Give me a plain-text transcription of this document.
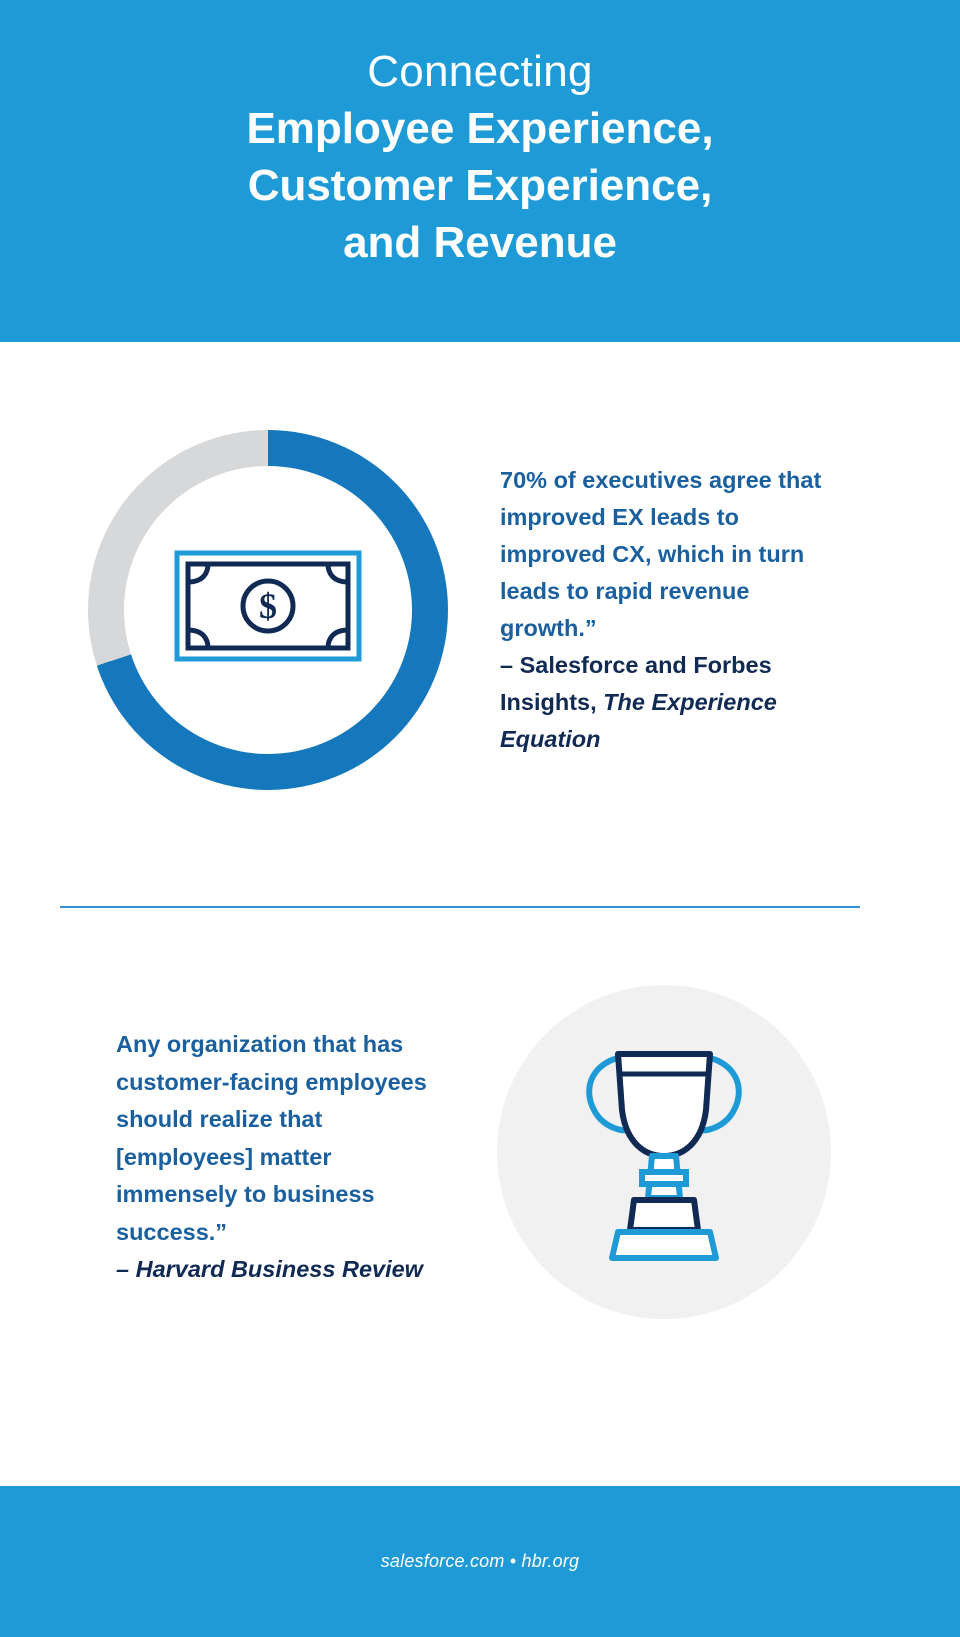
Connecting
Employee Experience,
Customer Experience,
and Revenue
$
70% of executives agree that improved EX leads to improved CX, which in turn leads to rapid revenue growth.”
– Salesforce and Forbes Insights, The Experience Equation
Any organization that has customer-facing employees should realize that [employees] matter immensely to business success.”
– Harvard Business Review
salesforce.com • hbr.org
